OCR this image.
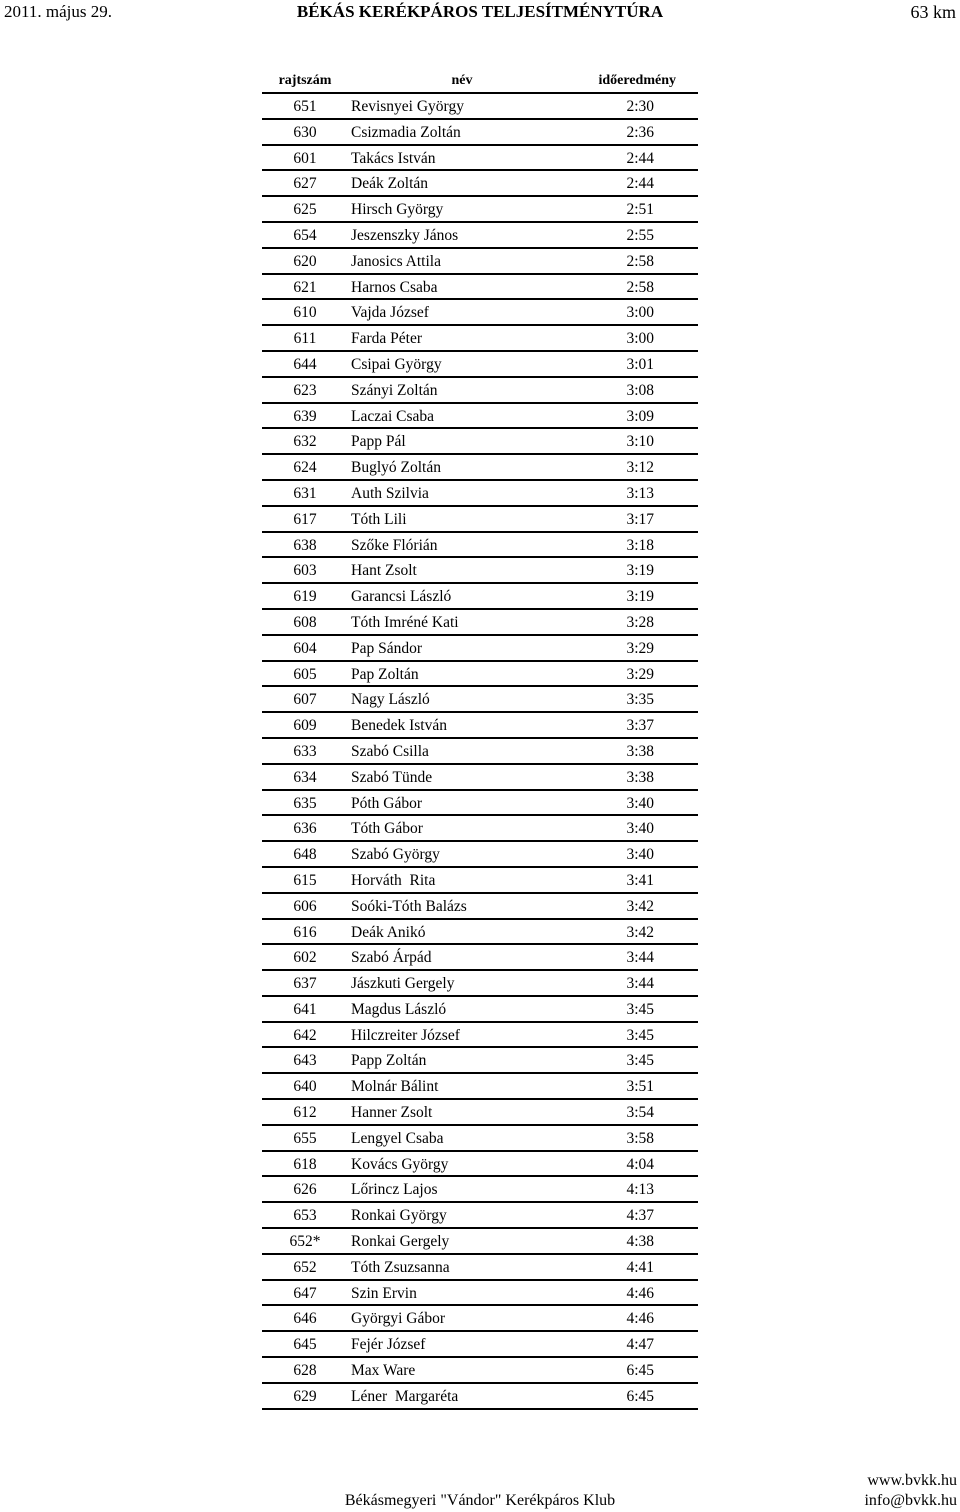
2011. május 29.	BÉKÁS KERÉKPÁROS TELJESÍTMÉNYTÚRA	63 km
rajtszám	név	időeredmény
651	Revisnyei György	2:30
630	Csizmadia Zoltán	2:36
601	Takács István	2:44
627	Deák Zoltán	2:44
625	Hirsch György	2:51
654	Jeszenszky János	2:55
620	Janosics Attila	2:58
621	Harnos Csaba	2:58
610	Vajda József	3:00
611	Farda Péter	3:00
644	Csipai György	3:01
623	Szányi Zoltán	3:08
639	Laczai Csaba	3:09
632	Papp Pál	3:10
624	Buglyó Zoltán	3:12
631	Auth Szilvia	3:13
617	Tóth Lili	3:17
638	Szőke Flórián	3:18
603	Hant Zsolt	3:19
619	Garancsi László	3:19
608	Tóth Imréné Kati	3:28
604	Pap Sándor	3:29
605	Pap Zoltán	3:29
607	Nagy László	3:35
609	Benedek István	3:37
633	Szabó Csilla	3:38
634	Szabó Tünde	3:38
635	Póth Gábor	3:40
636	Tóth Gábor	3:40
648	Szabó György	3:40
615	Horváth  Rita	3:41
606	Soóki-Tóth Balázs	3:42
616	Deák Anikó	3:42
602	Szabó Árpád	3:44
637	Jászkuti Gergely	3:44
641	Magdus László	3:45
642	Hilczreiter József	3:45
643	Papp Zoltán	3:45
640	Molnár Bálint	3:51
612	Hanner Zsolt	3:54
655	Lengyel Csaba	3:58
618	Kovács György	4:04
626	Lőrincz Lajos	4:13
653	Ronkai György	4:37
652*	Ronkai Gergely	4:38
652	Tóth Zsuzsanna	4:41
647	Szin Ervin	4:46
646	Györgyi Gábor	4:46
645	Fejér József	4:47
628	Max Ware	6:45
629	Léner  Margaréta	6:45
Békásmegyeri "Vándor" Kerékpáros Klub
www.bvkk.hu
info@bvkk.hu
